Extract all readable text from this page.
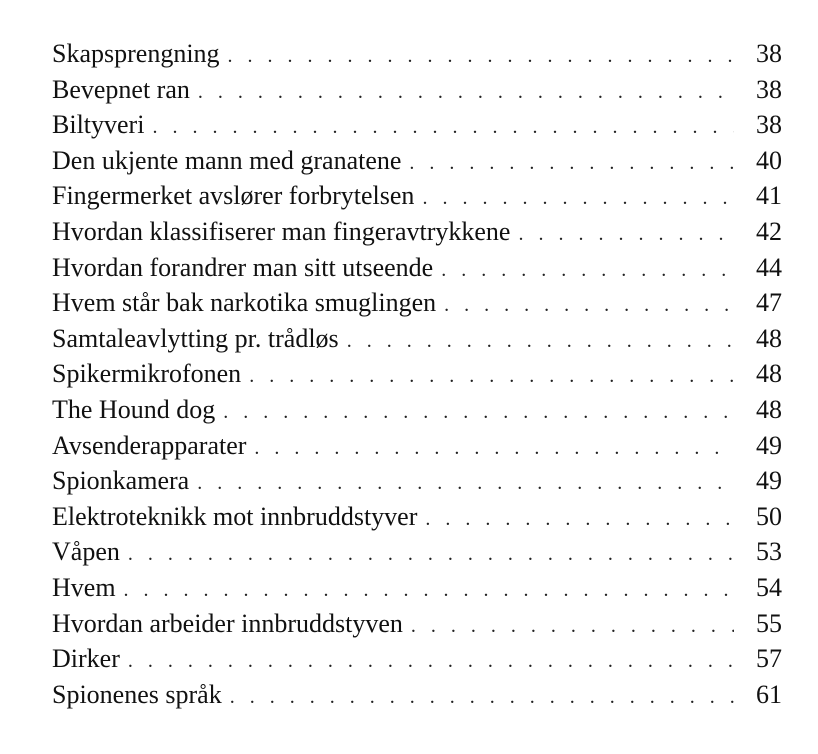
Skapsprengning . . .	38
Bevepnet ran . . .	38
Biltyveri . . .	38
Den ukjente mann med granatene . . .	40
Fingermerket avslører forbrytelsen . . .	41
Hvordan klassifiserer man fingeravtrykkene . . .	42
Hvordan forandrer man sitt utseende . . .	44
Hvem står bak narkotika smuglingen . . .	47
Samtaleavlytting pr. trådløs . . .	48
Spikermikrofonen . . .	48
The Hound dog . . .	48
Avsenderapparater . . .	49
Spionkamera . . .	49
Elektroteknikk mot innbruddstyver . . .	50
Våpen . . .	53
Hvem . . .	54
Hvordan arbeider innbruddstyven . . .	55
Dirker . . .	57
Spionenes språk . . .	61
